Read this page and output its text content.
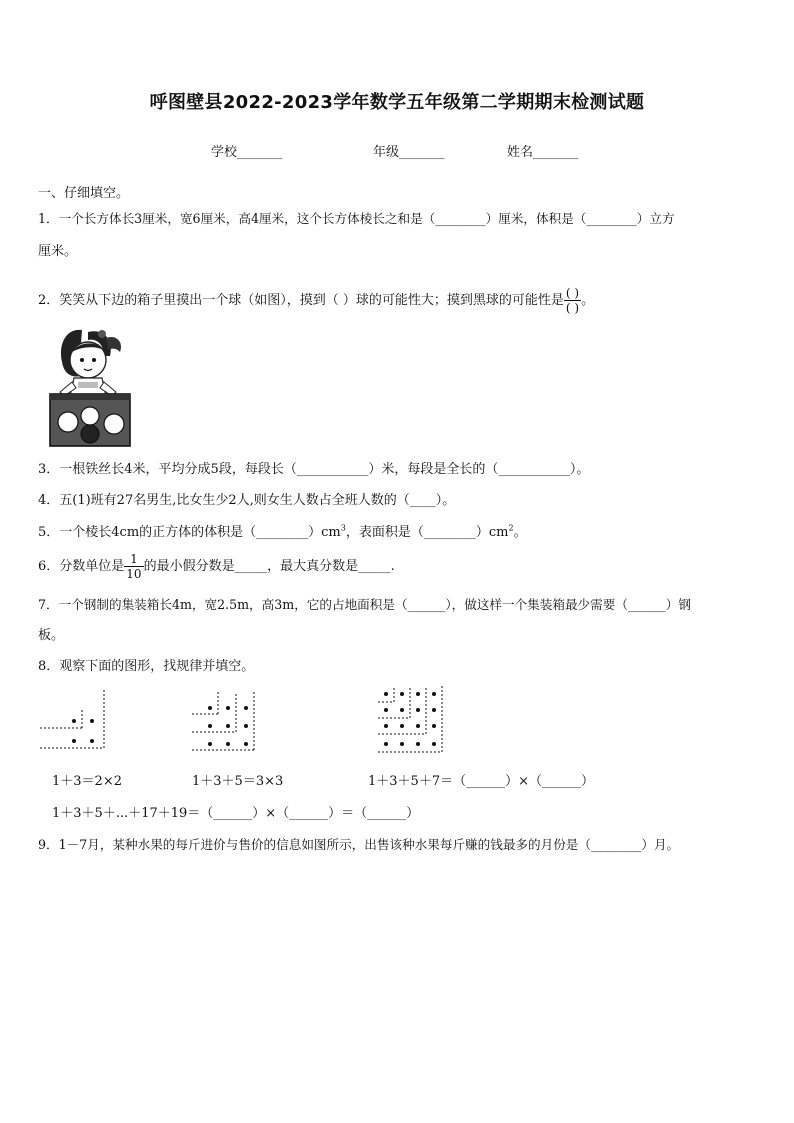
呼图壁县2022-2023学年数学五年级第二学期期末检测试题
学校_______	年级_______	姓名_______
一、仔细填空。
1．一个长方体长3厘米，宽6厘米，高4厘米，这个长方体棱长之和是（________）厘米，体积是（________）立方
厘米。
2．笑笑从下边的箱子里摸出一个球（如图），摸到（ ）球的可能性大；摸到黑球的可能性是 $\frac{( )}{( )}$ 。
3．一根铁丝长4米，平均分成5段，每段长（___________）米，每段是全长的（___________）。
4．五(1)班有27名男生,比女生少2人,则女生人数占全班人数的（____）。
5．一个棱长4cm的正方体的体积是$(\_\_\_\_\_\_\_\_)cm^3$，表面积是$(\_\_\_\_\_\_\_\_)cm^2$。
6．分数单位是 $\frac{1}{10}$ 的最小假分数是_____，最大真分数是_____.
7．一个钢制的集装箱长4m，宽2.5m，高3m，它的占地面积是（______），做这样一个集装箱最少需要（______）钢
板。
8．观察下面的图形，找规律并填空。
1＋3＝2×2	1＋3＋5＝3×3	1＋3＋5＋7＝（______）×（______）
1＋3＋5＋...＋17＋19＝（______）×（______）＝（______）
9．1－7月，某种水果的每斤进价与售价的信息如图所示，出售该种水果每斤赚的钱最多的月份是（________）月。
